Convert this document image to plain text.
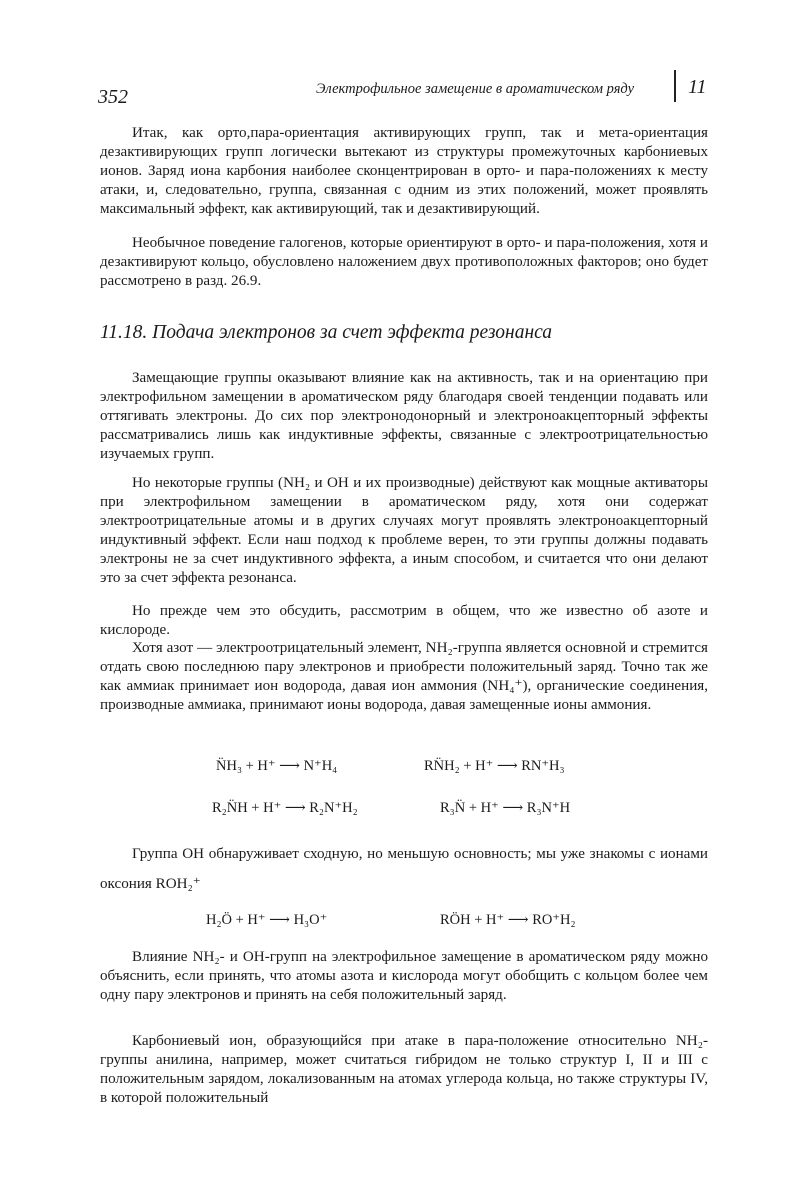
352	Электрофильное замещение в ароматическом ряду	11
Итак, как орто,пара-ориентация активирующих групп, так и мета-ориентация дезактивирующих групп логически вытекают из структуры промежуточных карбониевых ионов. Заряд иона карбония наиболее сконцентрирован в орто- и пара-положениях к месту атаки, и, следовательно, группа, связанная с одним из этих положений, может проявлять максимальный эффект, как активирующий, так и дезактивирующий.
Необычное поведение галогенов, которые ориентируют в орто- и пара-положения, хотя и дезактивируют кольцо, обусловлено наложением двух противоположных факторов; оно будет рассмотрено в разд. 26.9.
11.18. Подача электронов за счет эффекта резонанса
Замещающие группы оказывают влияние как на активность, так и на ориентацию при электрофильном замещении в ароматическом ряду благодаря своей тенденции подавать или оттягивать электроны. До сих пор электронодонорный и электроноакцепторный эффекты рассматривались лишь как индуктивные эффекты, связанные с электроотрицательностью изучаемых групп.
Но некоторые группы (NH₂ и OH и их производные) действуют как мощные активаторы при электрофильном замещении в ароматическом ряду, хотя они содержат электроотрицательные атомы и в других случаях могут проявлять электроноакцепторный индуктивный эффект. Если наш подход к проблеме верен, то эти группы должны подавать электроны не за счет индуктивного эффекта, а иным способом, и считается что они делают это за счет эффекта резонанса.
Но прежде чем это обсудить, рассмотрим в общем, что же известно об азоте и кислороде.
Хотя азот — электроотрицательный элемент, NH₂-группа является основной и стремится отдать свою последнюю пару электронов и приобрести положительный заряд. Точно так же как аммиак принимает ион водорода, давая ион аммония (NH₄⁺), органические соединения, производные аммиака, принимают ионы водорода, давая замещенные ионы аммония.
N̈H₃ + H⁺ ⟶ N⁺H₄	RN̈H₂ + H⁺ ⟶ RN⁺H₃
R₂N̈H + H⁺ ⟶ R₂N⁺H₂	R₃N̈ + H⁺ ⟶ R₃N⁺H
Группа OH обнаруживает сходную, но меньшую основность; мы уже знакомы с ионами оксония ROH₂⁺
H₂Ö + H⁺ ⟶ H₃O⁺	RÖH + H⁺ ⟶ RO⁺H₂
Влияние NH₂- и OH-групп на электрофильное замещение в ароматическом ряду можно объяснить, если принять, что атомы азота и кислорода могут обобщить с кольцом более чем одну пару электронов и принять на себя положительный заряд.
Карбониевый ион, образующийся при атаке в пара-положение относительно NH₂-группы анилина, например, может считаться гибридом не только структур I, II и III с положительным зарядом, локализованным на атомах углерода кольца, но также структуры IV, в которой положительный
